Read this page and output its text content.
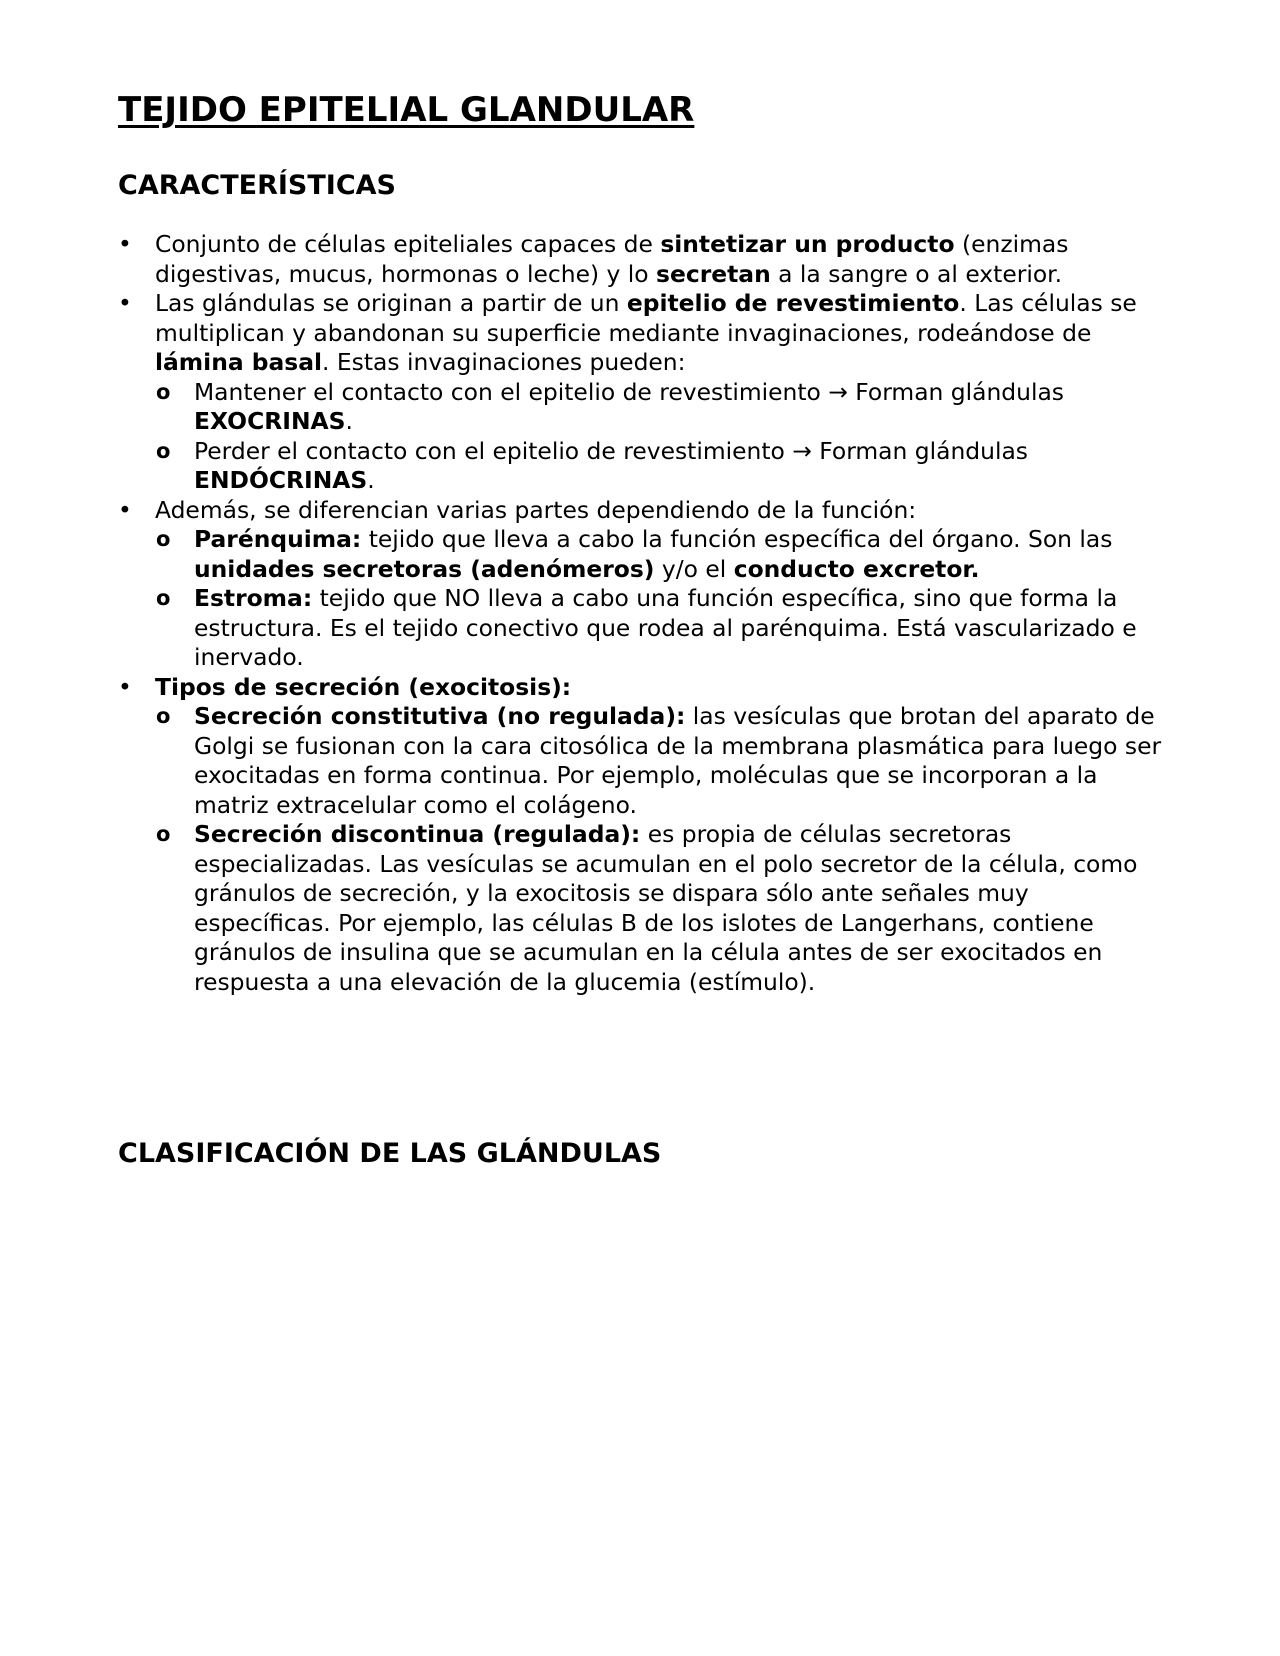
TEJIDO EPITELIAL GLANDULAR
CARACTERÍSTICAS
• Conjunto de células epiteliales capaces de sintetizar un producto (enzimas digestivas, mucus, hormonas o leche) y lo secretan a la sangre o al exterior.
• Las glándulas se originan a partir de un epitelio de revestimiento. Las células se multiplican y abandonan su superficie mediante invaginaciones, rodeándose de lámina basal. Estas invaginaciones pueden:
o Mantener el contacto con el epitelio de revestimiento → Forman glándulas EXOCRINAS.
o Perder el contacto con el epitelio de revestimiento → Forman glándulas ENDÓCRINAS.
• Además, se diferencian varias partes dependiendo de la función:
o Parénquima: tejido que lleva a cabo la función específica del órgano. Son las unidades secretoras (adenómeros) y/o el conducto excretor.
o Estroma: tejido que NO lleva a cabo una función específica, sino que forma la estructura. Es el tejido conectivo que rodea al parénquima. Está vascularizado e inervado.
• Tipos de secreción (exocitosis):
o Secreción constitutiva (no regulada): las vesículas que brotan del aparato de Golgi se fusionan con la cara citosólica de la membrana plasmática para luego ser exocitadas en forma continua. Por ejemplo, moléculas que se incorporan a la matriz extracelular como el colágeno.
o Secreción discontinua (regulada): es propia de células secretoras especializadas. Las vesículas se acumulan en el polo secretor de la célula, como gránulos de secreción, y la exocitosis se dispara sólo ante señales muy específicas. Por ejemplo, las células B de los islotes de Langerhans, contiene gránulos de insulina que se acumulan en la célula antes de ser exocitados en respuesta a una elevación de la glucemia (estímulo).
CLASIFICACIÓN DE LAS GLÁNDULAS
